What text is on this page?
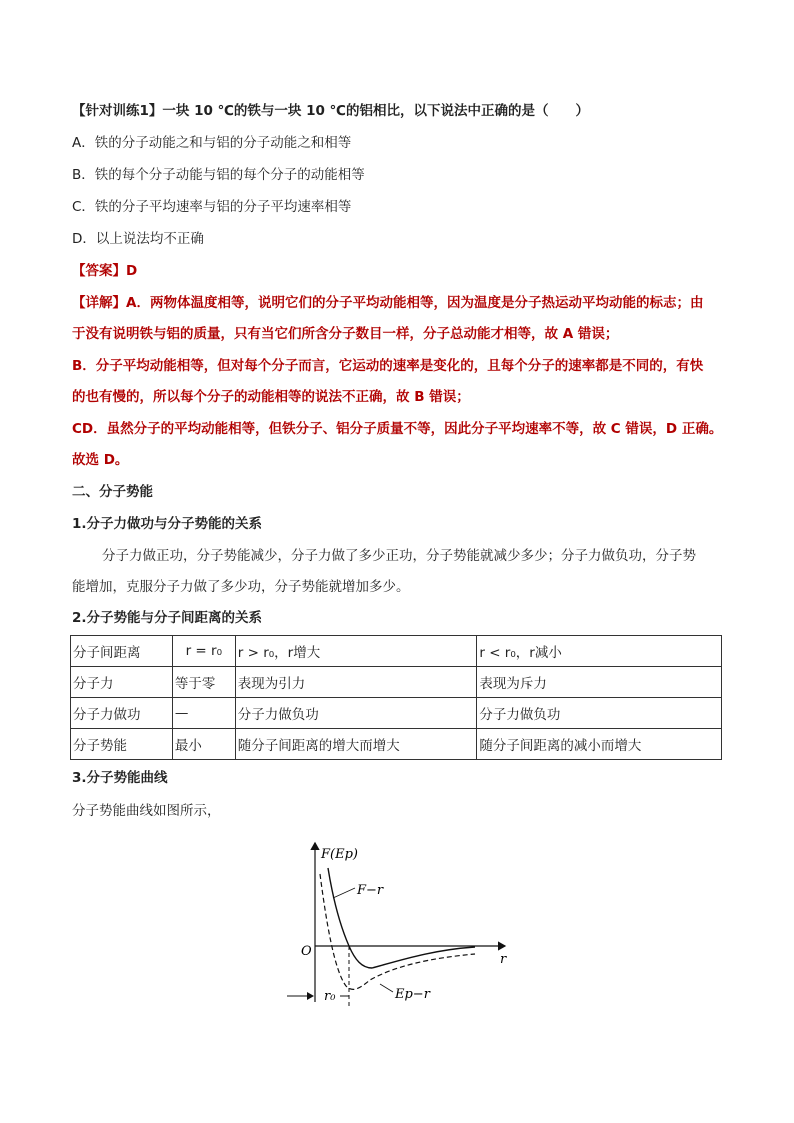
【针对训练1】一块 10 ℃的铁与一块 10 ℃的铝相比，以下说法中正确的是（　　）
A．铁的分子动能之和与铝的分子动能之和相等
B．铁的每个分子动能与铝的每个分子的动能相等
C．铁的分子平均速率与铝的分子平均速率相等
D．以上说法均不正确
【答案】D
【详解】A．两物体温度相等，说明它们的分子平均动能相等，因为温度是分子热运动平均动能的标志；由
于没有说明铁与铝的质量，只有当它们所含分子数目一样，分子总动能才相等，故 A 错误；
B．分子平均动能相等，但对每个分子而言，它运动的速率是变化的，且每个分子的速率都是不同的，有快
的也有慢的，所以每个分子的动能相等的说法不正确，故 B 错误；
CD．虽然分子的平均动能相等，但铁分子、铝分子质量不等，因此分子平均速率不等，故 C 错误，D 正确。
故选 D。
二、分子势能
1.分子力做功与分子势能的关系
分子力做正功，分子势能减少，分子力做了多少正功，分子势能就减少多少；分子力做负功，分子势
能增加，克服分子力做了多少功，分子势能就增加多少。
2.分子势能与分子间距离的关系
分子间距离	r = r₀	r > r₀，r增大	r < r₀，r减小
分子力	等于零	表现为引力	表现为斥力
分子力做功	—	分子力做负功	分子力做负功
分子势能	最小	随分子间距离的增大而增大	随分子间距离的减小而增大
3.分子势能曲线
分子势能曲线如图所示，
F(Ep)
r
O
r₀
F−r
Ep−r
